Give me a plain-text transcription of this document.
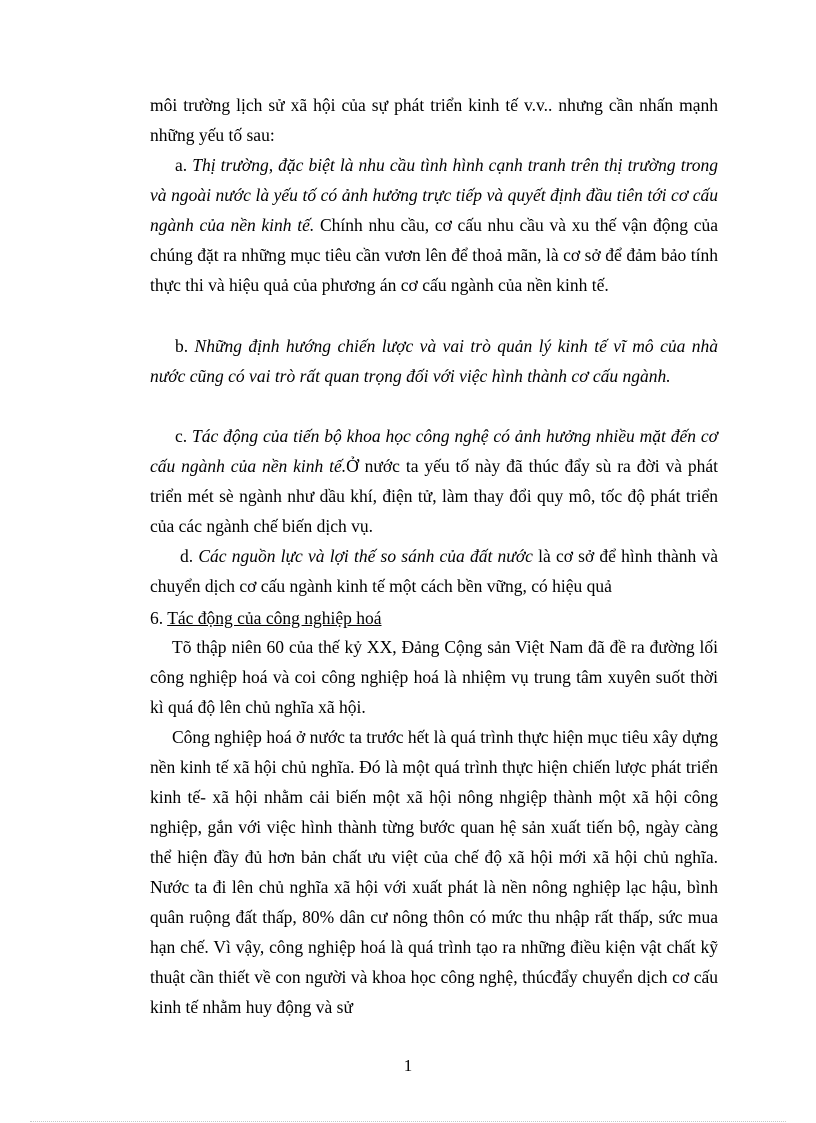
môi trường lịch sử xã hội của sự phát triển kinh tế v.v.. nhưng cần nhấn mạnh những yếu tố sau:

a. Thị trường, đặc biệt là nhu cầu tình hình cạnh tranh trên thị trường trong và ngoài nước là yếu tố có ảnh hưởng trực tiếp và quyết định đầu tiên tới cơ cấu ngành của nền kinh tế. Chính nhu cầu, cơ cấu nhu cầu và xu thế vận động của chúng đặt ra những mục tiêu cần vươn lên để thoả mãn, là cơ sở để đảm bảo tính thực thi và hiệu quả của phương án cơ cấu ngành của nền kinh tế.

b. Những định hướng chiến lược và vai trò quản lý kinh tế vĩ mô của nhà nước cũng có vai trò rất quan trọng đối với việc hình thành cơ cấu ngành.

c. Tác động của tiến bộ khoa học công nghệ có ảnh hưởng nhiều mặt đến cơ cấu ngành của nền kinh tế.Ở nước ta yếu tố này đã thúc đẩy sù ra đời và phát triển mét sè ngành như dầu khí, điện tử, làm thay đổi quy mô, tốc độ phát triển của các ngành chế biến dịch vụ.

d. Các nguồn lực và lợi thế so sánh của đất nước là cơ sở để hình thành và chuyển dịch cơ cấu ngành kinh tế một cách bền vững, có hiệu quả

6. Tác động của công nghiệp hoá

Tõ thập niên 60 của thế kỷ XX, Đảng Cộng sản Việt Nam đã đề ra đường lối công nghiệp hoá và coi công nghiệp hoá là nhiệm vụ trung tâm xuyên suốt thời kì quá độ lên chủ nghĩa xã hội.

Công nghiệp hoá ở nước ta trước hết là quá trình thực hiện mục tiêu xây dựng nền kinh tế xã hội chủ nghĩa. Đó là một quá trình thực hiện chiến lược phát triển kinh tế- xã hội nhằm cải biến một xã hội nông nhgiệp thành một xã hội công nghiệp, gắn với việc hình thành từng bước quan hệ sản xuất tiến bộ, ngày càng thể hiện đầy đủ hơn bản chất ưu việt của chế độ xã hội mới xã hội chủ nghĩa. Nước ta đi lên chủ nghĩa xã hội với xuất phát là nền nông nghiệp lạc hậu, bình quân ruộng đất thấp, 80% dân cư nông thôn có mức thu nhập rất thấp, sức mua hạn chế. Vì vậy, công nghiệp hoá là quá trình tạo ra những điều kiện vật chất kỹ thuật cần thiết về con người và khoa học công nghệ, thúcđẩy chuyển dịch cơ cấu kinh tế nhằm huy động và sử

1
